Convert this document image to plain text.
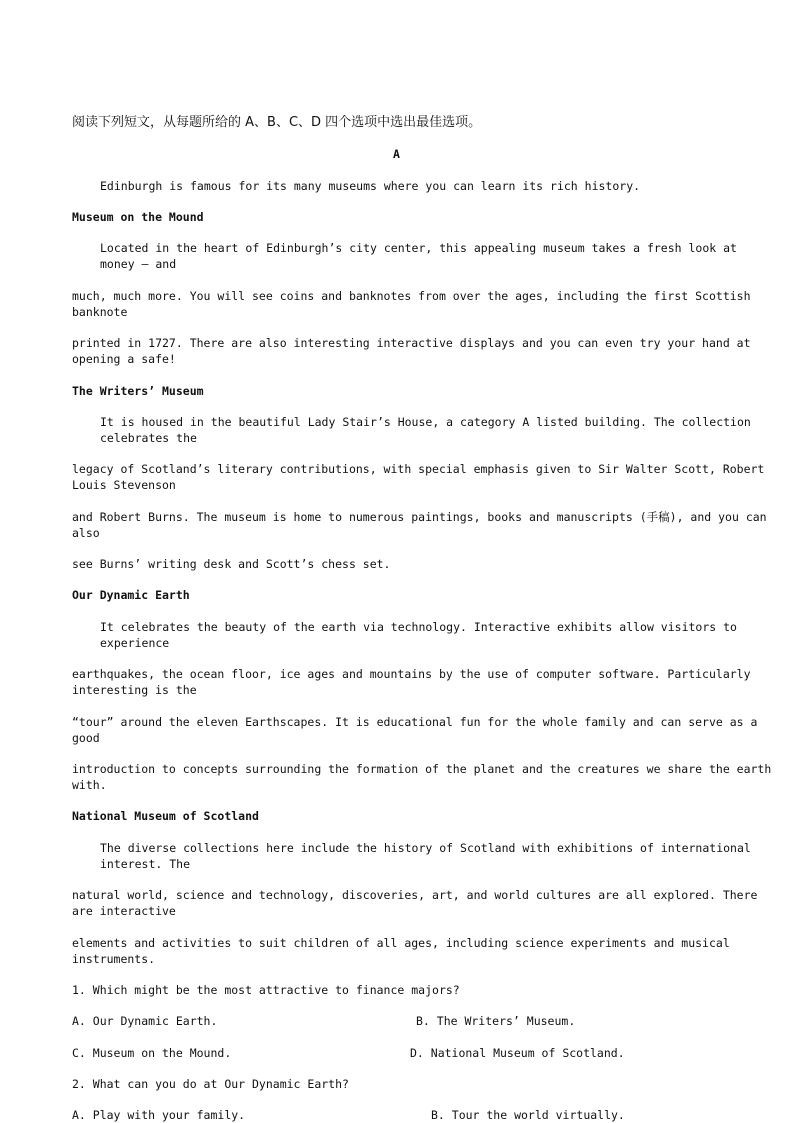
阅读下列短文，从每题所给的 A、B、C、D 四个选项中选出最佳选项。
A
Edinburgh is famous for its many museums where you can learn its rich history.
Museum on the Mound
Located in the heart of Edinburgh’s city center, this appealing museum takes a fresh look at
money — and
much, much more. You will see coins and banknotes from over the ages, including the first Scottish
banknote
printed in 1727. There are also interesting interactive displays and you can even try your hand at
opening a safe!
The Writers’ Museum
It is housed in the beautiful Lady Stair’s House, a category A listed building. The collection
celebrates the
legacy of Scotland’s literary contributions, with special emphasis given to Sir Walter Scott, Robert
Louis Stevenson
and Robert Burns. The museum is home to numerous paintings, books and manuscripts (手稿), and you can
also
see Burns’ writing desk and Scott’s chess set.
Our Dynamic Earth
It celebrates the beauty of the earth via technology. Interactive exhibits allow visitors to
experience
earthquakes, the ocean floor, ice ages and mountains by the use of computer software. Particularly
interesting is the
“tour” around the eleven Earthscapes. It is educational fun for the whole family and can serve as a
good
introduction to concepts surrounding the formation of the planet and the creatures we share the earth
with.
National Museum of Scotland
The diverse collections here include the history of Scotland with exhibitions of international
interest. The
natural world, science and technology, discoveries, art, and world cultures are all explored. There
are interactive
elements and activities to suit children of all ages, including science experiments and musical
instruments.
1. Which might be the most attractive to finance majors?
A. Our Dynamic Earth.	B. The Writers’ Museum.
C. Museum on the Mound.	D. National Museum of Scotland.
2. What can you do at Our Dynamic Earth?
A. Play with your family.	B. Tour the world virtually.
